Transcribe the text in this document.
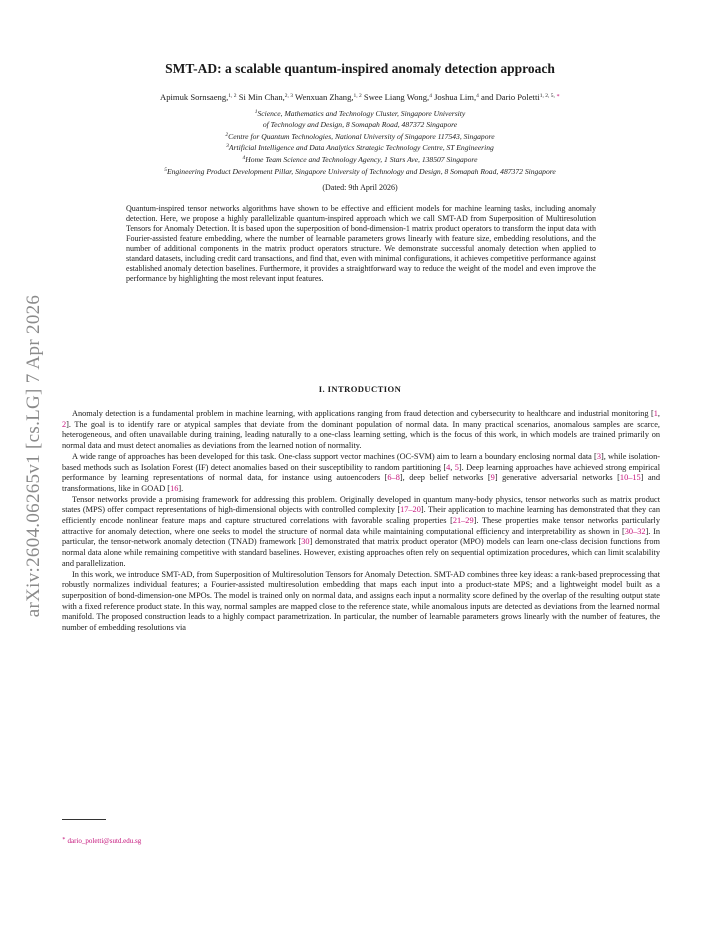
arXiv:2604.06265v1 [cs.LG] 7 Apr 2026
SMT-AD: a scalable quantum-inspired anomaly detection approach
Apimuk Sornsaeng,$^{1, 2}$ Si Min Chan,$^{2, 3}$ Wenxuan Zhang,$^{1, 2}$ Swee Liang Wong,$^4$ Joshua Lim,$^4$ and Dario Poletti$^{1, 2, 5,}$ ∗
$^1$Science, Mathematics and Technology Cluster, Singapore University
of Technology and Design, 8 Somapah Road, 487372 Singapore
$^2$Centre for Quantum Technologies, National University of Singapore 117543, Singapore
$^3$Artificial Intelligence and Data Analytics Strategic Technology Centre, ST Engineering
$^4$Home Team Science and Technology Agency, 1 Stars Ave, 138507 Singapore
$^5$Engineering Product Development Pillar, Singapore University of Technology and Design, 8 Somapah Road, 487372 Singapore
(Dated: 9th April 2026)
Quantum-inspired tensor networks algorithms have shown to be effective and efficient models for machine learning tasks, including anomaly detection. Here, we propose a highly parallelizable quantum-inspired approach which we call SMT-AD from Superposition of Multiresolution Tensors for Anomaly Detection. It is based upon the superposition of bond-dimension-1 matrix product operators to transform the input data with Fourier-assisted feature embedding, where the number of learnable parameters grows linearly with feature size, embedding resolutions, and the number of additional components in the matrix product operators structure. We demonstrate successful anomaly detection when applied to standard datasets, including credit card transactions, and find that, even with minimal configurations, it achieves competitive performance against established anomaly detection baselines. Furthermore, it provides a straightforward way to reduce the weight of the model and even improve the performance by highlighting the most relevant input features.
I. INTRODUCTION

Anomaly detection is a fundamental problem in machine learning, with applications ranging from fraud detection and cybersecurity to healthcare and industrial monitoring [1, 2]. The goal is to identify rare or atypical samples that deviate from the dominant population of normal data. In many practical scenarios, anomalous samples are scarce, heterogeneous, and often unavailable during training, leading naturally to a one-class learning setting, which is the focus of this work, in which models are trained primarily on normal data and must detect anomalies as deviations from the learned notion of normality.

A wide range of approaches has been developed for this task. One-class support vector machines (OC-SVM) aim to learn a boundary enclosing normal data [3], while isolation-based methods such as Isolation Forest (IF) detect anomalies based on their susceptibility to random partitioning [4, 5]. Deep learning approaches have achieved strong empirical performance by learning representations of normal data, for instance using autoencoders [6–8], deep belief networks [9] generative adversarial networks [10–15] and transformations, like in GOAD [16].

Tensor networks provide a promising framework for addressing this problem. Originally developed in quantum many-body physics, tensor networks such as matrix product states (MPS) offer compact representations of high-dimensional objects with controlled complexity [17–20]. Their application to machine learning has demonstrated that they can efficiently encode nonlinear feature maps and capture structured correlations with favorable scaling properties [21–29]. These properties make tensor networks particularly attractive for anomaly detection, where one seeks to model the structure of normal data while maintaining computational efficiency and interpretability as shown in [30–32]. In particular, the tensor-network anomaly detection (TNAD) framework [30] demonstrated that matrix product operator (MPO) models can learn one-class decision functions from normal data alone while remaining competitive with standard baselines. However, existing approaches often rely on sequential optimization procedures, which can limit scalability and parallelization.

In this work, we introduce SMT-AD, from Superposition of Multiresolution Tensors for Anomaly Detection. SMT-AD combines three key ideas: a rank-based preprocessing that robustly normalizes individual features; a Fourier-assisted multiresolution embedding that maps each input into a product-state MPS; and a lightweight model built as a superposition of bond-dimension-one MPOs. The model is trained only on normal data, and assigns each input a normality score defined by the overlap of the resulting output state with a fixed reference product state. In this way, normal samples are mapped close to the reference state, while anomalous inputs are detected as deviations from the learned normal manifold. The proposed construction leads to a highly compact parametrization. In particular, the number of learnable parameters grows linearly with the number of features, the number of embedding resolutions via

∗ dario_poletti@sutd.edu.sg
